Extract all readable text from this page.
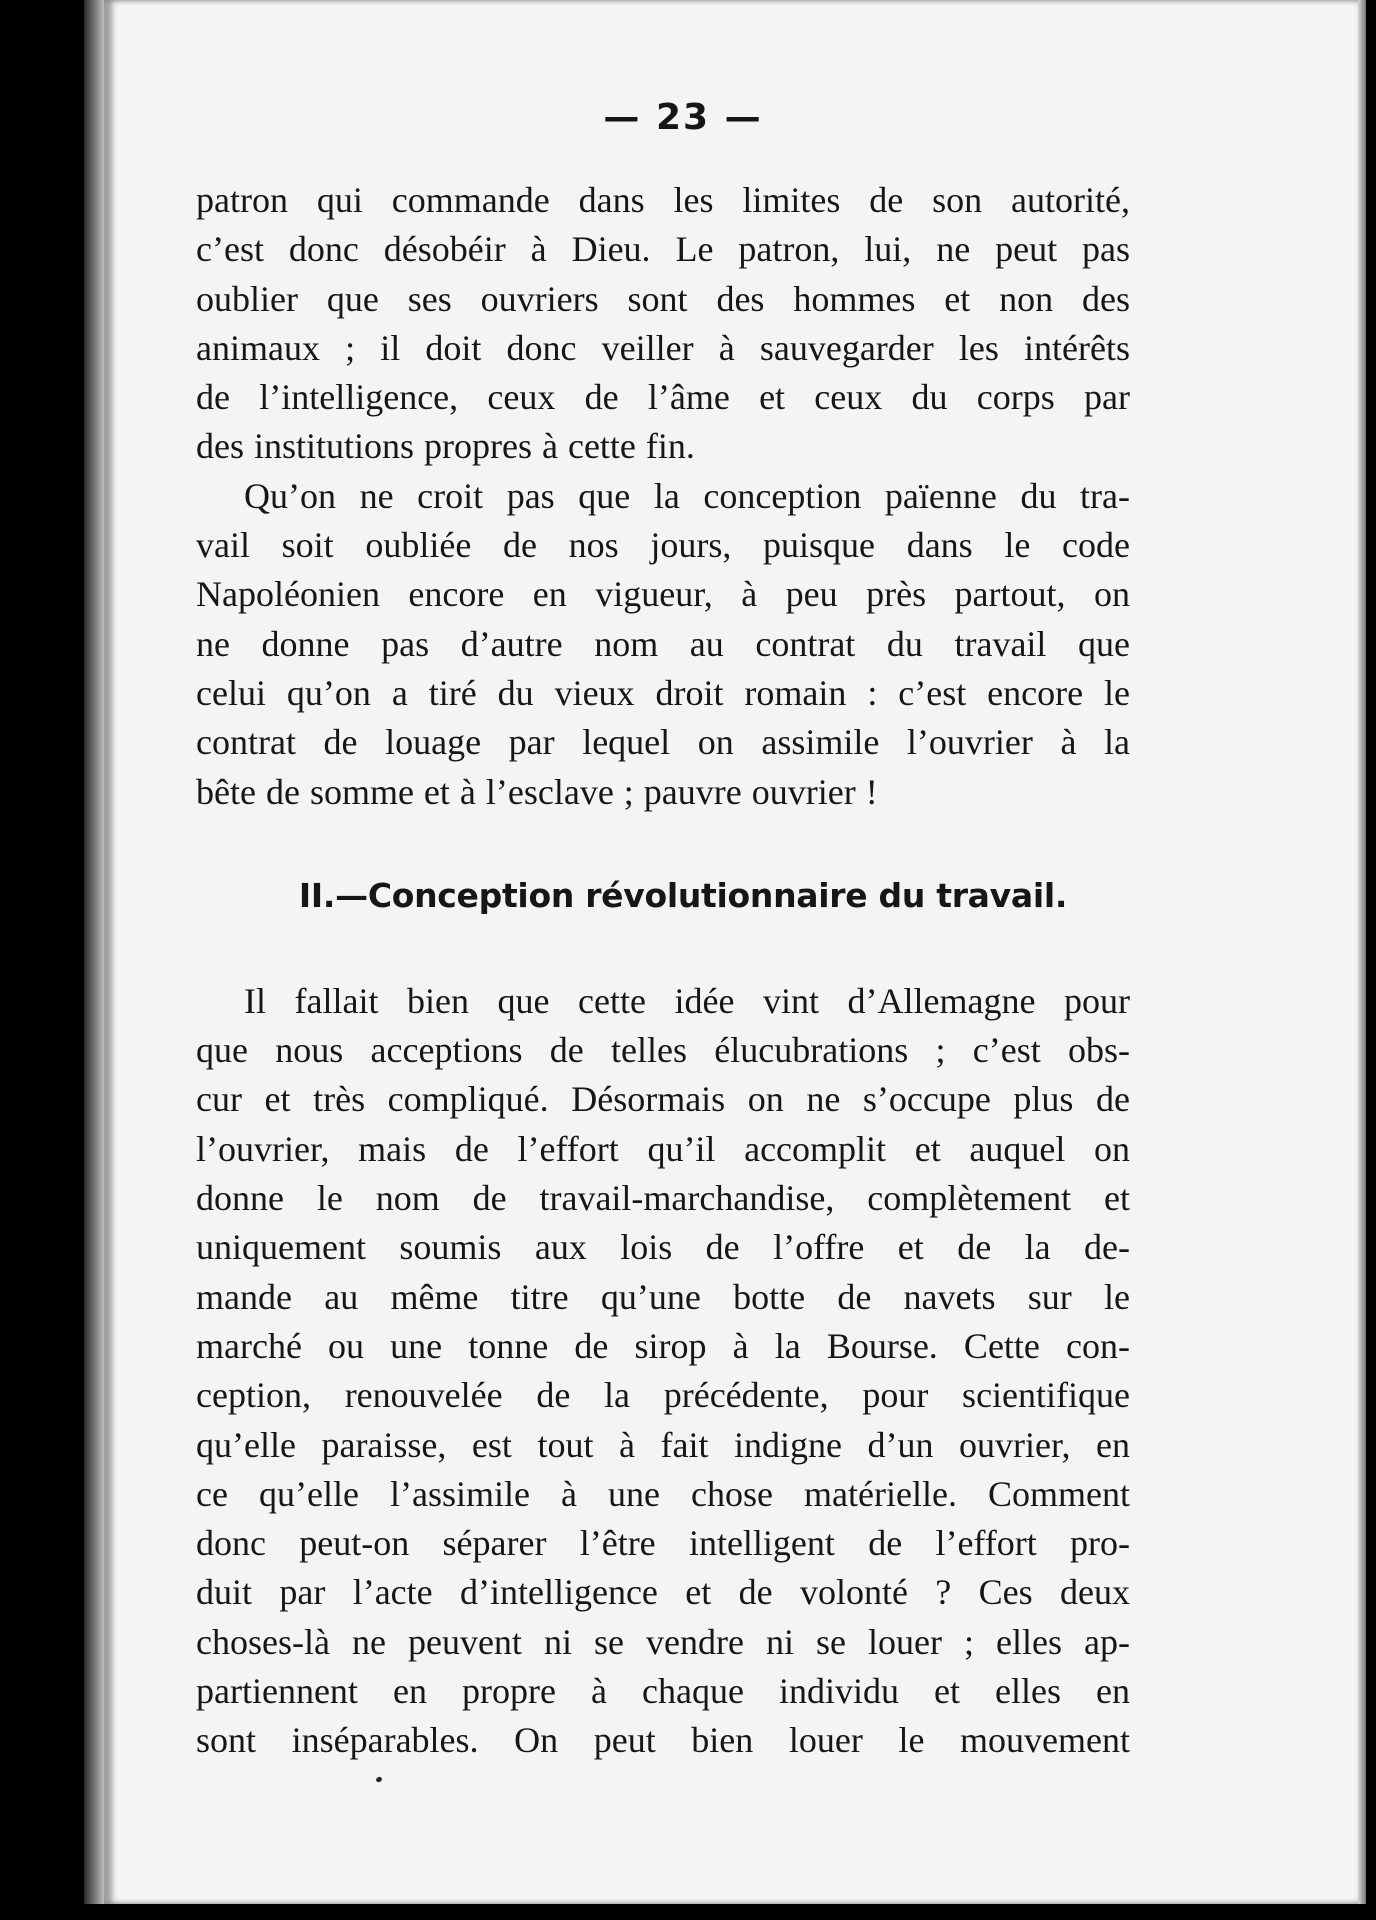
— 23 —
patron qui commande dans les limites de son autorité,
c’est donc désobéir à Dieu. Le patron, lui, ne peut pas
oublier que ses ouvriers sont des hommes et non des
animaux ; il doit donc veiller à sauvegarder les intérêts
de l’intelligence, ceux de l’âme et ceux du corps par
des institutions propres à cette fin.
Qu’on ne croit pas que la conception païenne du tra-
vail soit oubliée de nos jours, puisque dans le code
Napoléonien encore en vigueur, à peu près partout, on
ne donne pas d’autre nom au contrat du travail que
celui qu’on a tiré du vieux droit romain : c’est encore le
contrat de louage par lequel on assimile l’ouvrier à la
bête de somme et à l’esclave ; pauvre ouvrier !
II.—Conception révolutionnaire du travail.
Il fallait bien que cette idée vint d’Allemagne pour
que nous acceptions de telles élucubrations ; c’est obs-
cur et très compliqué. Désormais on ne s’occupe plus de
l’ouvrier, mais de l’effort qu’il accomplit et auquel on
donne le nom de travail-marchandise, complètement et
uniquement soumis aux lois de l’offre et de la de-
mande au même titre qu’une botte de navets sur le
marché ou une tonne de sirop à la Bourse. Cette con-
ception, renouvelée de la précédente, pour scientifique
qu’elle paraisse, est tout à fait indigne d’un ouvrier, en
ce qu’elle l’assimile à une chose matérielle. Comment
donc peut-on séparer l’être intelligent de l’effort pro-
duit par l’acte d’intelligence et de volonté ? Ces deux
choses-là ne peuvent ni se vendre ni se louer ; elles ap-
partiennent en propre à chaque individu et elles en
sont inséparables. On peut bien louer le mouvement
